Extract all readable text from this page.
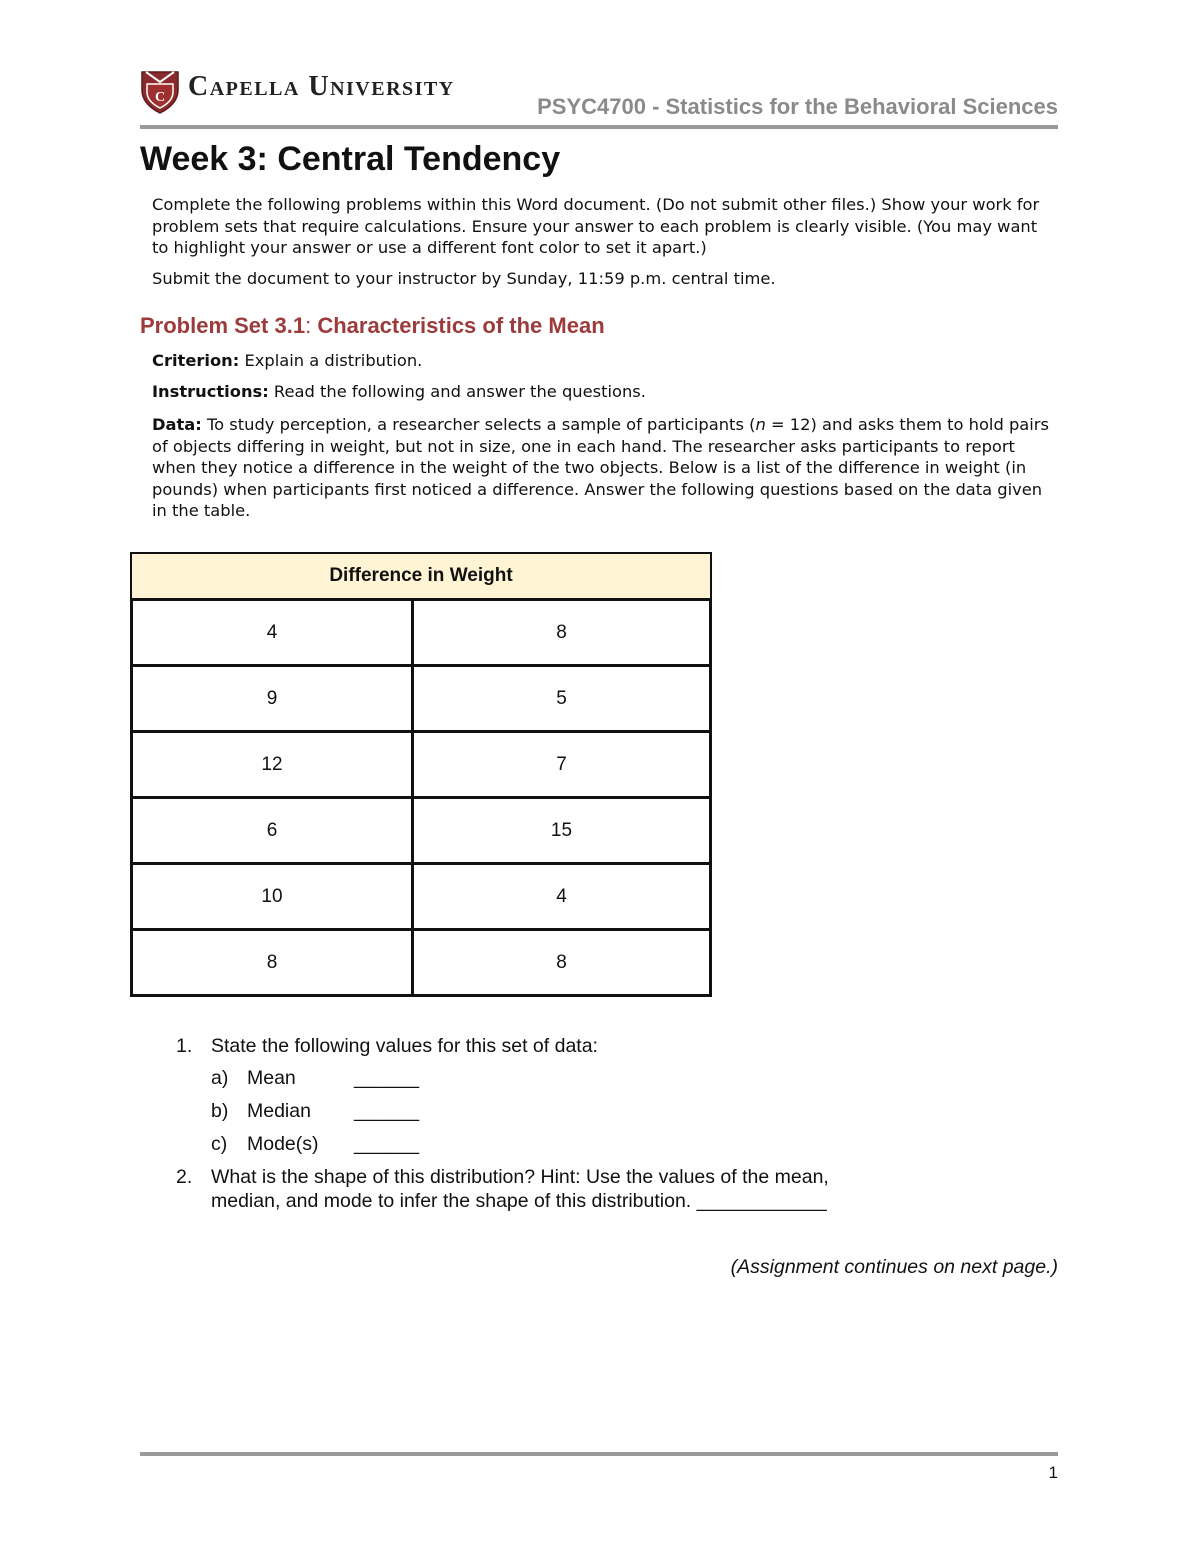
C Capella University
PSYC4700 - Statistics for the Behavioral Sciences
Week 3: Central Tendency

Complete the following problems within this Word document. (Do not submit other files.) Show your work for problem sets that require calculations. Ensure your answer to each problem is clearly visible. (You may want to highlight your answer or use a different font color to set it apart.)

Submit the document to your instructor by Sunday, 11:59 p.m. central time.

Problem Set 3.1: Characteristics of the Mean

Criterion: Explain a distribution.

Instructions: Read the following and answer the questions.

Data: To study perception, a researcher selects a sample of participants (n = 12) and asks them to hold pairs of objects differing in weight, but not in size, one in each hand. The researcher asks participants to report when they notice a difference in the weight of the two objects. Below is a list of the difference in weight (in pounds) when participants first noticed a difference. Answer the following questions based on the data given in the table.

Difference in Weight
4	8
9	5
12	7
6	15
10	4
8	8
1. State the following values for this set of data:
a) Mean	______
b) Median ______
c) Mode(s) ______
2. What is the shape of this distribution? Hint: Use the values of the mean,
median, and mode to infer the shape of this distribution. ____________
(Assignment continues on next page.)
1
